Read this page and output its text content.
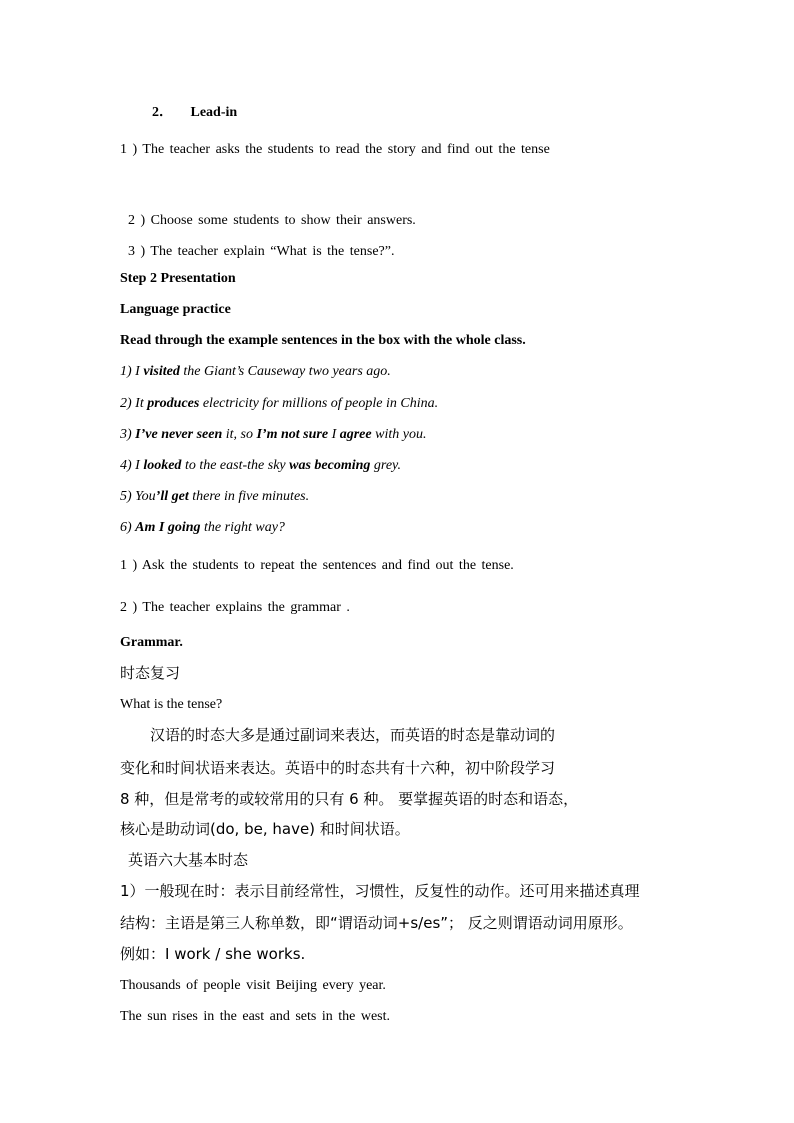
2． Lead-in
1 ) The teacher asks the students to read the story and find out the tense
2 ) Choose some students to show their answers.
3 ) The teacher explain “What is the tense?”.
Step 2 Presentation
Language practice
Read through the example sentences in the box with the whole class.
1) I visited the Giant’s Causeway two years ago.
2) It produces electricity for millions of people in China.
3) I’ve never seen it, so I’m not sure I agree with you.
4) I looked to the east-the sky was becoming grey.
5) You’ll get there in five minutes.
6) Am I going the right way?
1 ) Ask the students to repeat the sentences and find out the tense.
2 ) The teacher explains the grammar .
Grammar.
时态复习
What is the tense?
汉语的时态大多是通过副词来表达，而英语的时态是靠动词的
变化和时间状语来表达。英语中的时态共有十六种，初中阶段学习
8 种，但是常考的或较常用的只有 6 种。 要掌握英语的时态和语态，
核心是助动词(do, be, have) 和时间状语。
英语六大基本时态
1）一般现在时：表示目前经常性，习惯性，反复性的动作。还可用来描述真理
结构：主语是第三人称单数，即“谓语动词+s/es”； 反之则谓语动词用原形。
例如：I work / she works.
Thousands of people visit Beijing every year.
The sun rises in the east and sets in the west.
